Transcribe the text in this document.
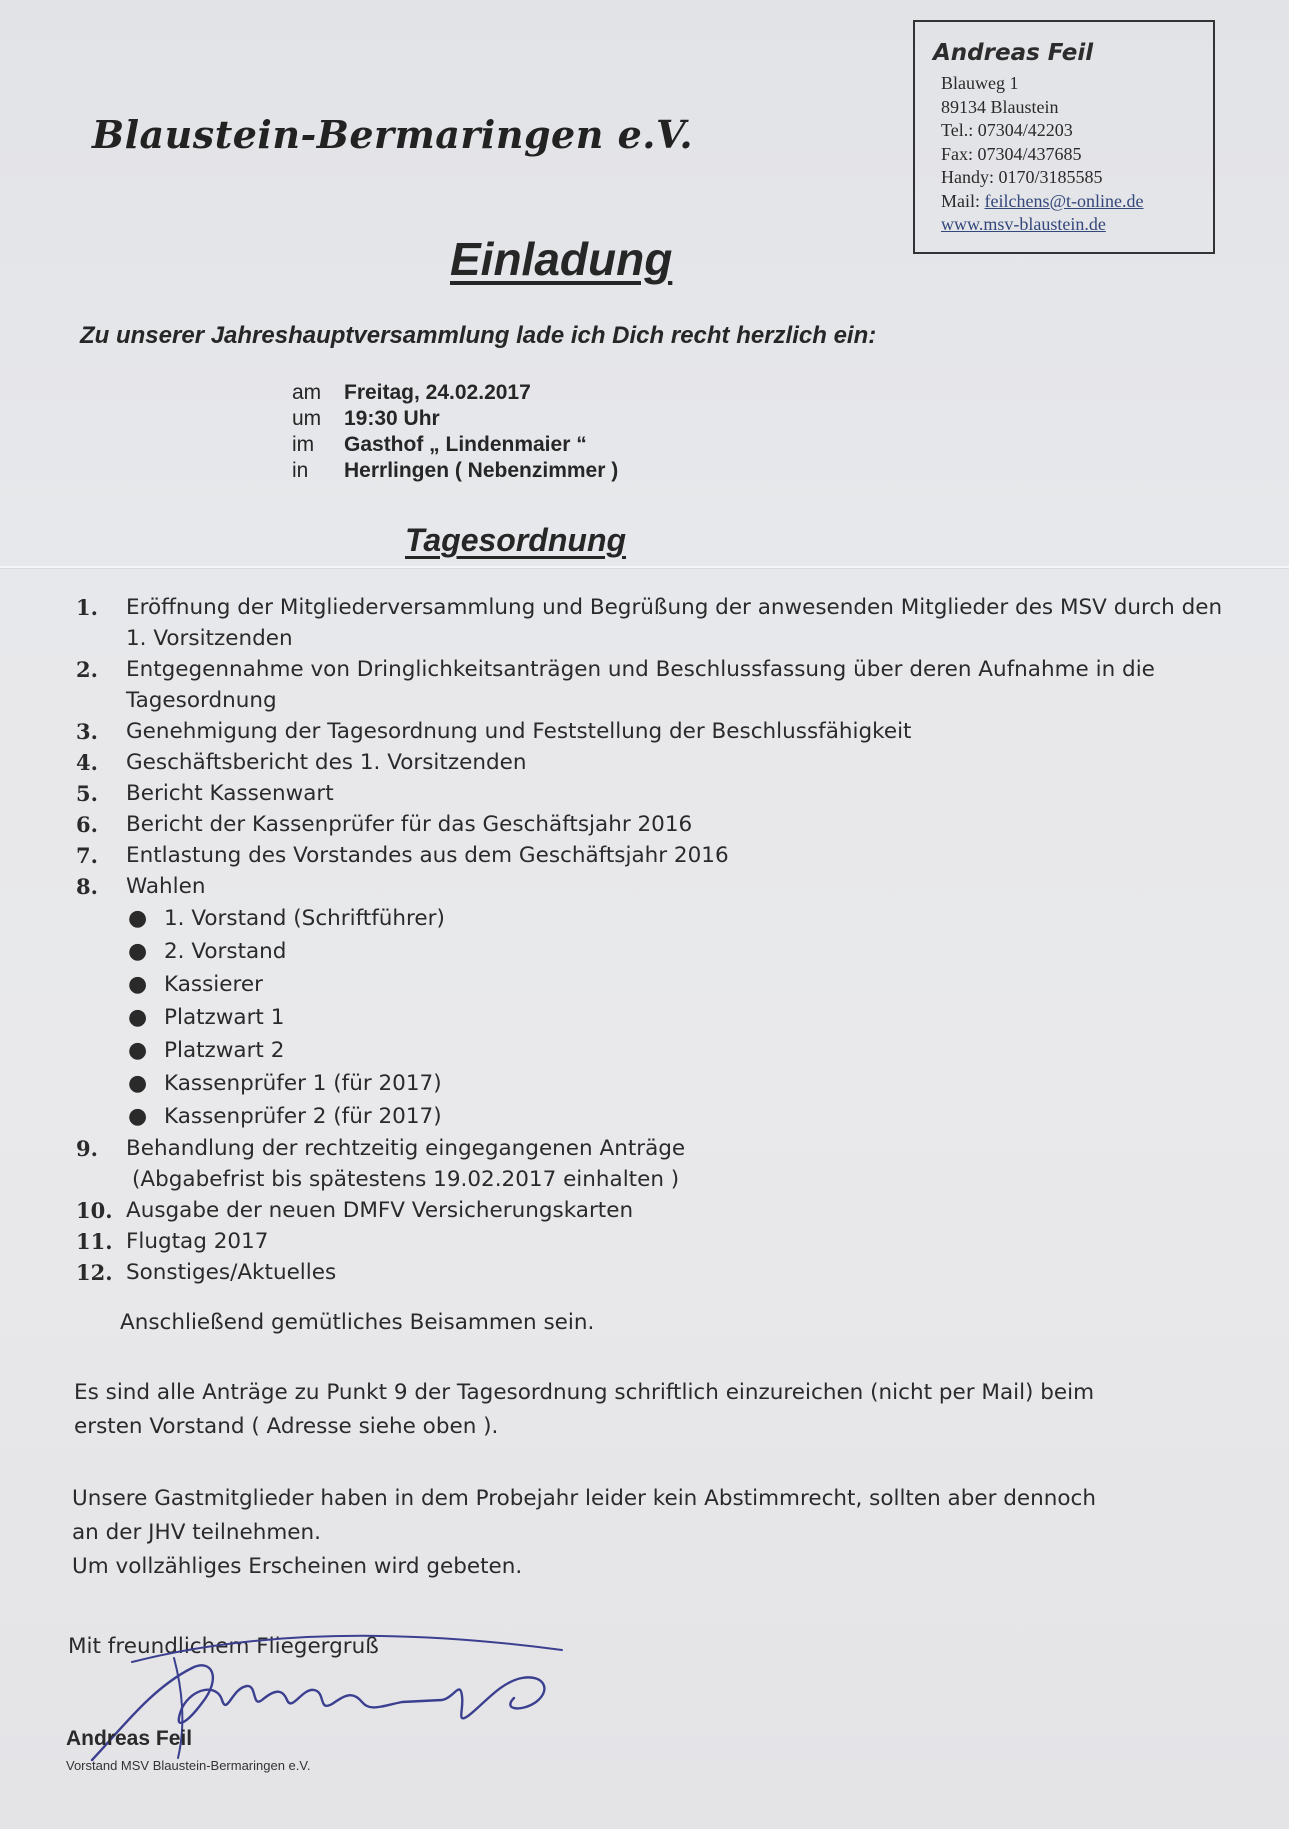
Blaustein-Bermaringen e.V.
Andreas Feil
Blauweg 1
89134 Blaustein
Tel.: 07304/42203
Fax: 07304/437685
Handy: 0170/3185585
Mail: feilchens@t-online.de
www.msv-blaustein.de
Einladung
Zu unserer Jahreshauptversammlung lade ich Dich recht herzlich ein:
am Freitag, 24.02.2017
um 19:30 Uhr
im Gasthof „ Lindenmaier “
in Herrlingen ( Nebenzimmer )
Tagesordnung
1. Eröffnung der Mitgliederversammlung und Begrüßung der anwesenden Mitglieder des MSV durch den 1. Vorsitzenden
2. Entgegennahme von Dringlichkeitsanträgen und Beschlussfassung über deren Aufnahme in die Tagesordnung
3. Genehmigung der Tagesordnung und Feststellung der Beschlussfähigkeit
4. Geschäftsbericht des 1. Vorsitzenden
5. Bericht Kassenwart
6. Bericht der Kassenprüfer für das Geschäftsjahr 2016
7. Entlastung des Vorstandes aus dem Geschäftsjahr 2016
8. Wahlen
● 1. Vorstand (Schriftführer)
● 2. Vorstand
● Kassierer
● Platzwart 1
● Platzwart 2
● Kassenprüfer 1 (für 2017)
● Kassenprüfer 2 (für 2017)
9. Behandlung der rechtzeitig eingegangenen Anträge
(Abgabefrist bis spätestens 19.02.2017 einhalten )
10. Ausgabe der neuen DMFV Versicherungskarten
11. Flugtag 2017
12. Sonstiges/Aktuelles
Anschließend gemütliches Beisammen sein.
Es sind alle Anträge zu Punkt 9 der Tagesordnung schriftlich einzureichen (nicht per Mail) beim
ersten Vorstand ( Adresse siehe oben ).
Unsere Gastmitglieder haben in dem Probejahr leider kein Abstimmrecht, sollten aber dennoch
an der JHV teilnehmen.
Um vollzähliges Erscheinen wird gebeten.
Mit freundlichem Fliegergruß
Andreas Feil
Vorstand MSV Blaustein-Bermaringen e.V.
